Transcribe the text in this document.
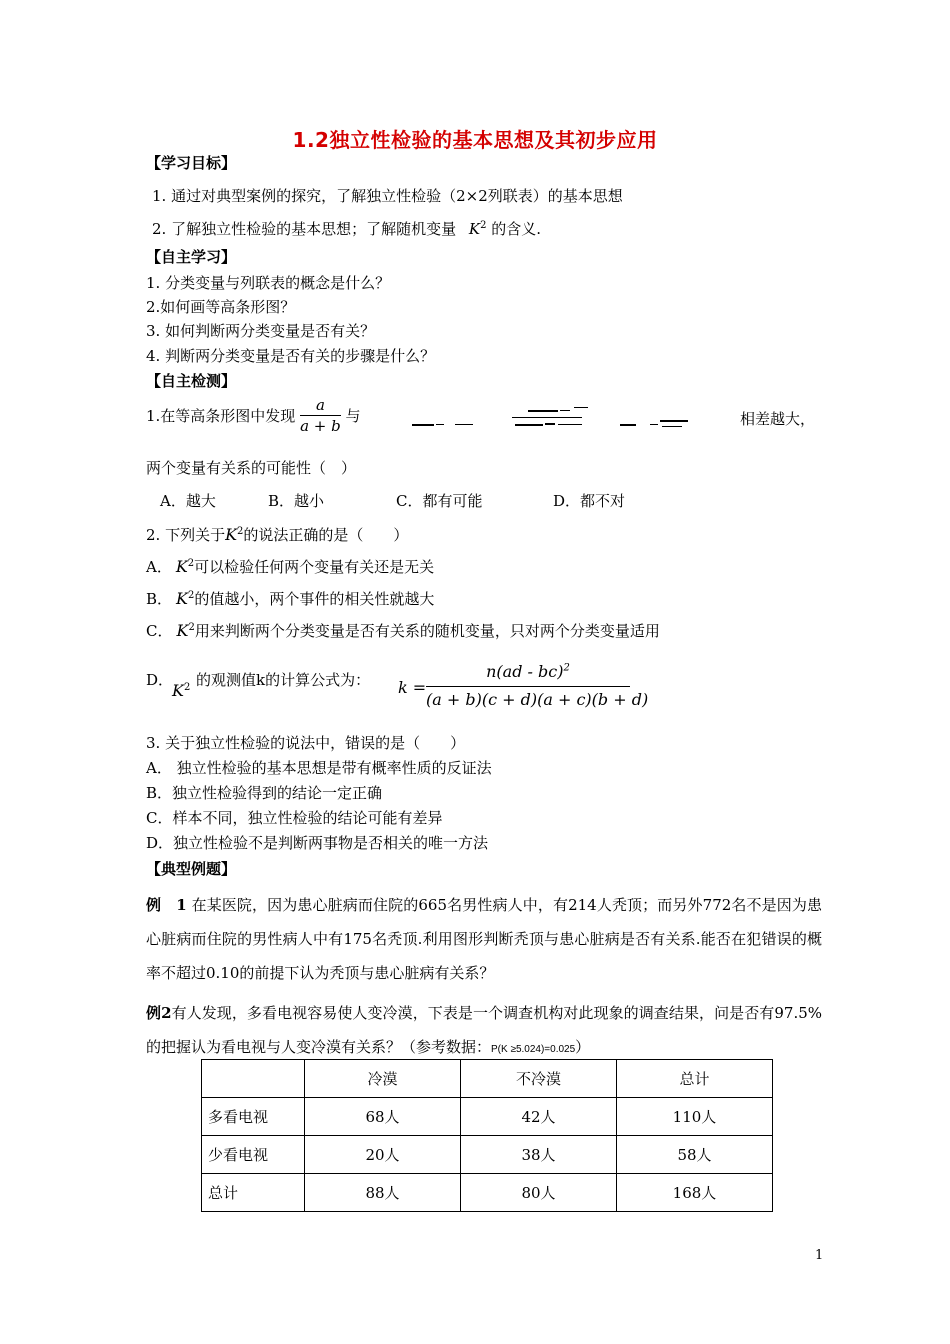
1.2独立性检验的基本思想及其初步应用
【学习目标】
1. 通过对典型案例的探究，了解独立性检验（2×2列联表）的基本思想
2. 了解独立性检验的基本思想；了解随机变量 $K^2$ 的含义.
【自主学习】
1. 分类变量与列联表的概念是什么？
2.如何画等高条形图？
3. 如何判断两分类变量是否有关？
4. 判断两分类变量是否有关的步骤是什么？
【自主检测】
1.在等高条形图中发现 $\frac{a}{a + b}$ 与	相差越大，
两个变量有关系的可能性（　）
A．越大	B．越小	C．都有可能	D．都不对
2. 下列关于$K^2$的说法正确的是（　　）
A． $K^2$可以检验任何两个变量有关还是无关
B． $K^2$的值越小，两个事件的相关性就越大
C． $K^2$用来判断两个分类变量是否有关系的随机变量，只对两个分类变量适用
D．
$K^2$ 的观测值k的计算公式为： k =
n(ad - bc)$^2$
(a + b)(c + d)(a + c)(b + d)
3. 关于独立性检验的说法中，错误的是（　　）
A． 独立性检验的基本思想是带有概率性质的反证法
B．独立性检验得到的结论一定正确
C．样本不同，独立性检验的结论可能有差异
D．独立性检验不是判断两事物是否相关的唯一方法
【典型例题】
例　1 在某医院，因为患心脏病而住院的665名男性病人中，有214人秃顶；而另外772名不是因为患心脏病而住院的男性病人中有175名秃顶.利用图形判断秃顶与患心脏病是否有关系.能否在犯错误的概率不超过0.10的前提下认为秃顶与患心脏病有关系？
例2有人发现，多看电视容易使人变冷漠，下表是一个调查机构对此现象的调查结果，问是否有97.5%的把握认为看电视与人变冷漠有关系？（参考数据：P(K ≥5.024)=0.025）
	冷漠	不冷漠	总计
多看电视	68人	42人	110人
少看电视	20人	38人	58人
总计	88人	80人	168人
1
